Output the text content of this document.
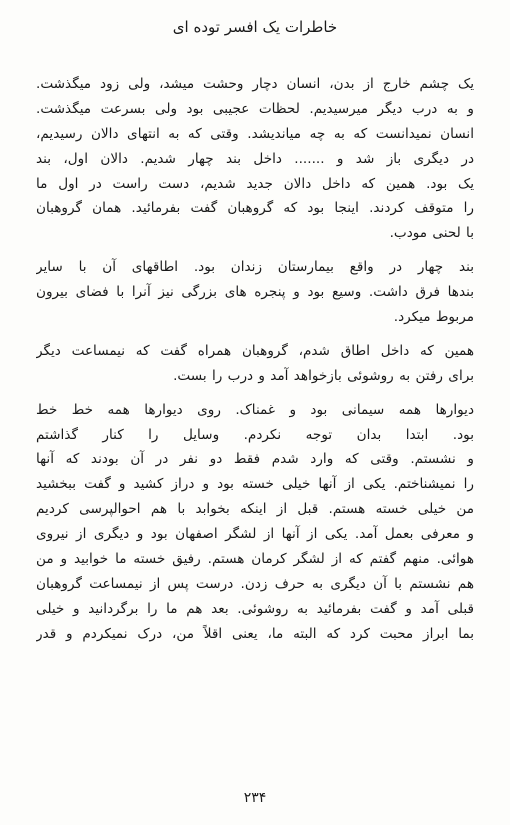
خاطرات یک افسر توده ای
یک چشم خارج از بدن، انسان دچار وحشت میشد، ولی زود میگذشت.
و به درب دیگر میرسیدیم. لحظات عجیبی بود ولی بسرعت میگذشت.
انسان نمیدانست که به چه میاندیشد. وقتی که به انتهای دالان رسیدیم،
در دیگری باز شد و ....... داخل بند چهار شدیم. دالان اول، بند
یک بود. همین که داخل دالان جدید شدیم، دست راست در اول ما
را متوقف کردند. اینجا بود که گروهبان گفت بفرمائید. همان گروهبان
با لحنی مودب.
بند چهار در واقع بیمارستان زندان بود. اطاقهای آن با سایر
بندها فرق داشت. وسیع بود و پنجره های بزرگی نیز آنرا با فضای بیرون
مربوط میکرد.
همین که داخل اطاق شدم، گروهبان همراه گفت که نیمساعت دیگر
برای رفتن به روشوئی بازخواهد آمد و درب را بست.
دیوارها همه سیمانی بود و غمناک. روی دیوارها همه خط خط
بود. ابتدا بدان توجه نکردم. وسایل را کنار گذاشتم
و نشستم. وقتی که وارد شدم فقط دو نفر در آن بودند که آنها
را نمیشناختم. یکی از آنها خیلی خسته بود و دراز کشید و گفت ببخشید
من خیلی خسته هستم. قبل از اینکه بخوابد با هم احوالپرسی کردیم
و معرفی بعمل آمد. یکی از آنها از لشگر اصفهان بود و دیگری از نیروی
هوائی. منهم گفتم که از لشگر کرمان هستم. رفیق خسته ما خوابید و من
هم نشستم با آن دیگری به حرف زدن. درست پس از نیمساعت گروهبان
قبلی آمد و گفت بفرمائید به روشوئی. بعد هم ما را برگردانید و خیلی
بما ابراز محبت کرد که البته ما، یعنی اقلاً من، درک نمیکردم و قدر
۲۳۴
